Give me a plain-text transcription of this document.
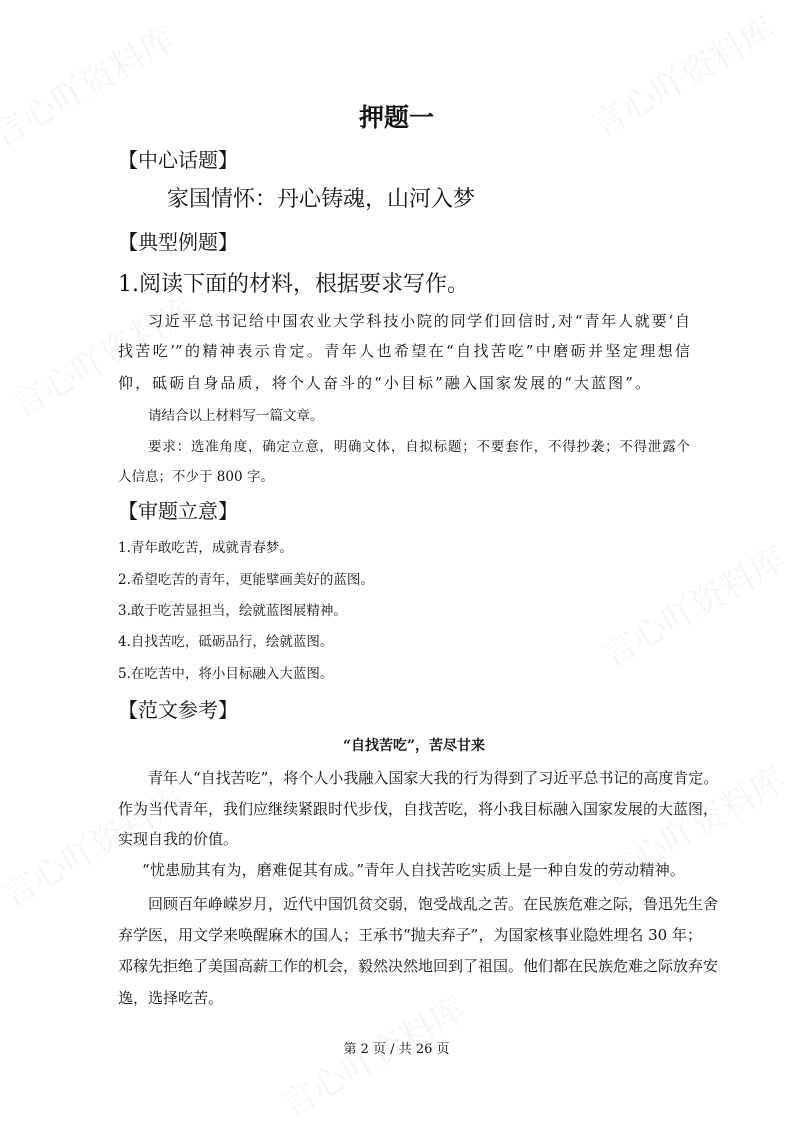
押题一
【中心话题】
家国情怀：丹心铸魂，山河入梦
【典型例题】
1.阅读下面的材料，根据要求写作。
习近平总书记给中国农业大学科技小院的同学们回信时,对“青年人就要‘自
找苦吃’”的精神表示肯定。青年人也希望在“自找苦吃”中磨砺并坚定理想信
仰，砥砺自身品质，将个人奋斗的“小目标”融入国家发展的“大蓝图”。
请结合以上材料写一篇文章。
要求：选准角度，确定立意，明确文体，自拟标题；不要套作，不得抄袭；不得泄露个
人信息；不少于 800 字。
【审题立意】
1.青年敢吃苦，成就青春梦。
2.希望吃苦的青年，更能擘画美好的蓝图。
3.敢于吃苦显担当，绘就蓝图展精神。
4.自找苦吃，砥砺品行，绘就蓝图。
5.在吃苦中，将小目标融入大蓝图。
【范文参考】
“自找苦吃”，苦尽甘来
青年人“自找苦吃”，将个人小我融入国家大我的行为得到了习近平总书记的高度肯定。
作为当代青年，我们应继续紧跟时代步伐，自找苦吃，将小我目标融入国家发展的大蓝图，
实现自我的价值。
“忧患励其有为，磨难促其有成。”青年人自找苦吃实质上是一种自发的劳动精神。
回顾百年峥嵘岁月，近代中国饥贫交弱，饱受战乱之苦。在民族危难之际，鲁迅先生舍
弃学医，用文学来唤醒麻木的国人；王承书“抛夫弃子”，为国家核事业隐姓埋名 30 年；
邓稼先拒绝了美国高薪工作的机会，毅然决然地回到了祖国。他们都在民族危难之际放弃安
逸，选择吃苦。
第 2 页 / 共 26 页
